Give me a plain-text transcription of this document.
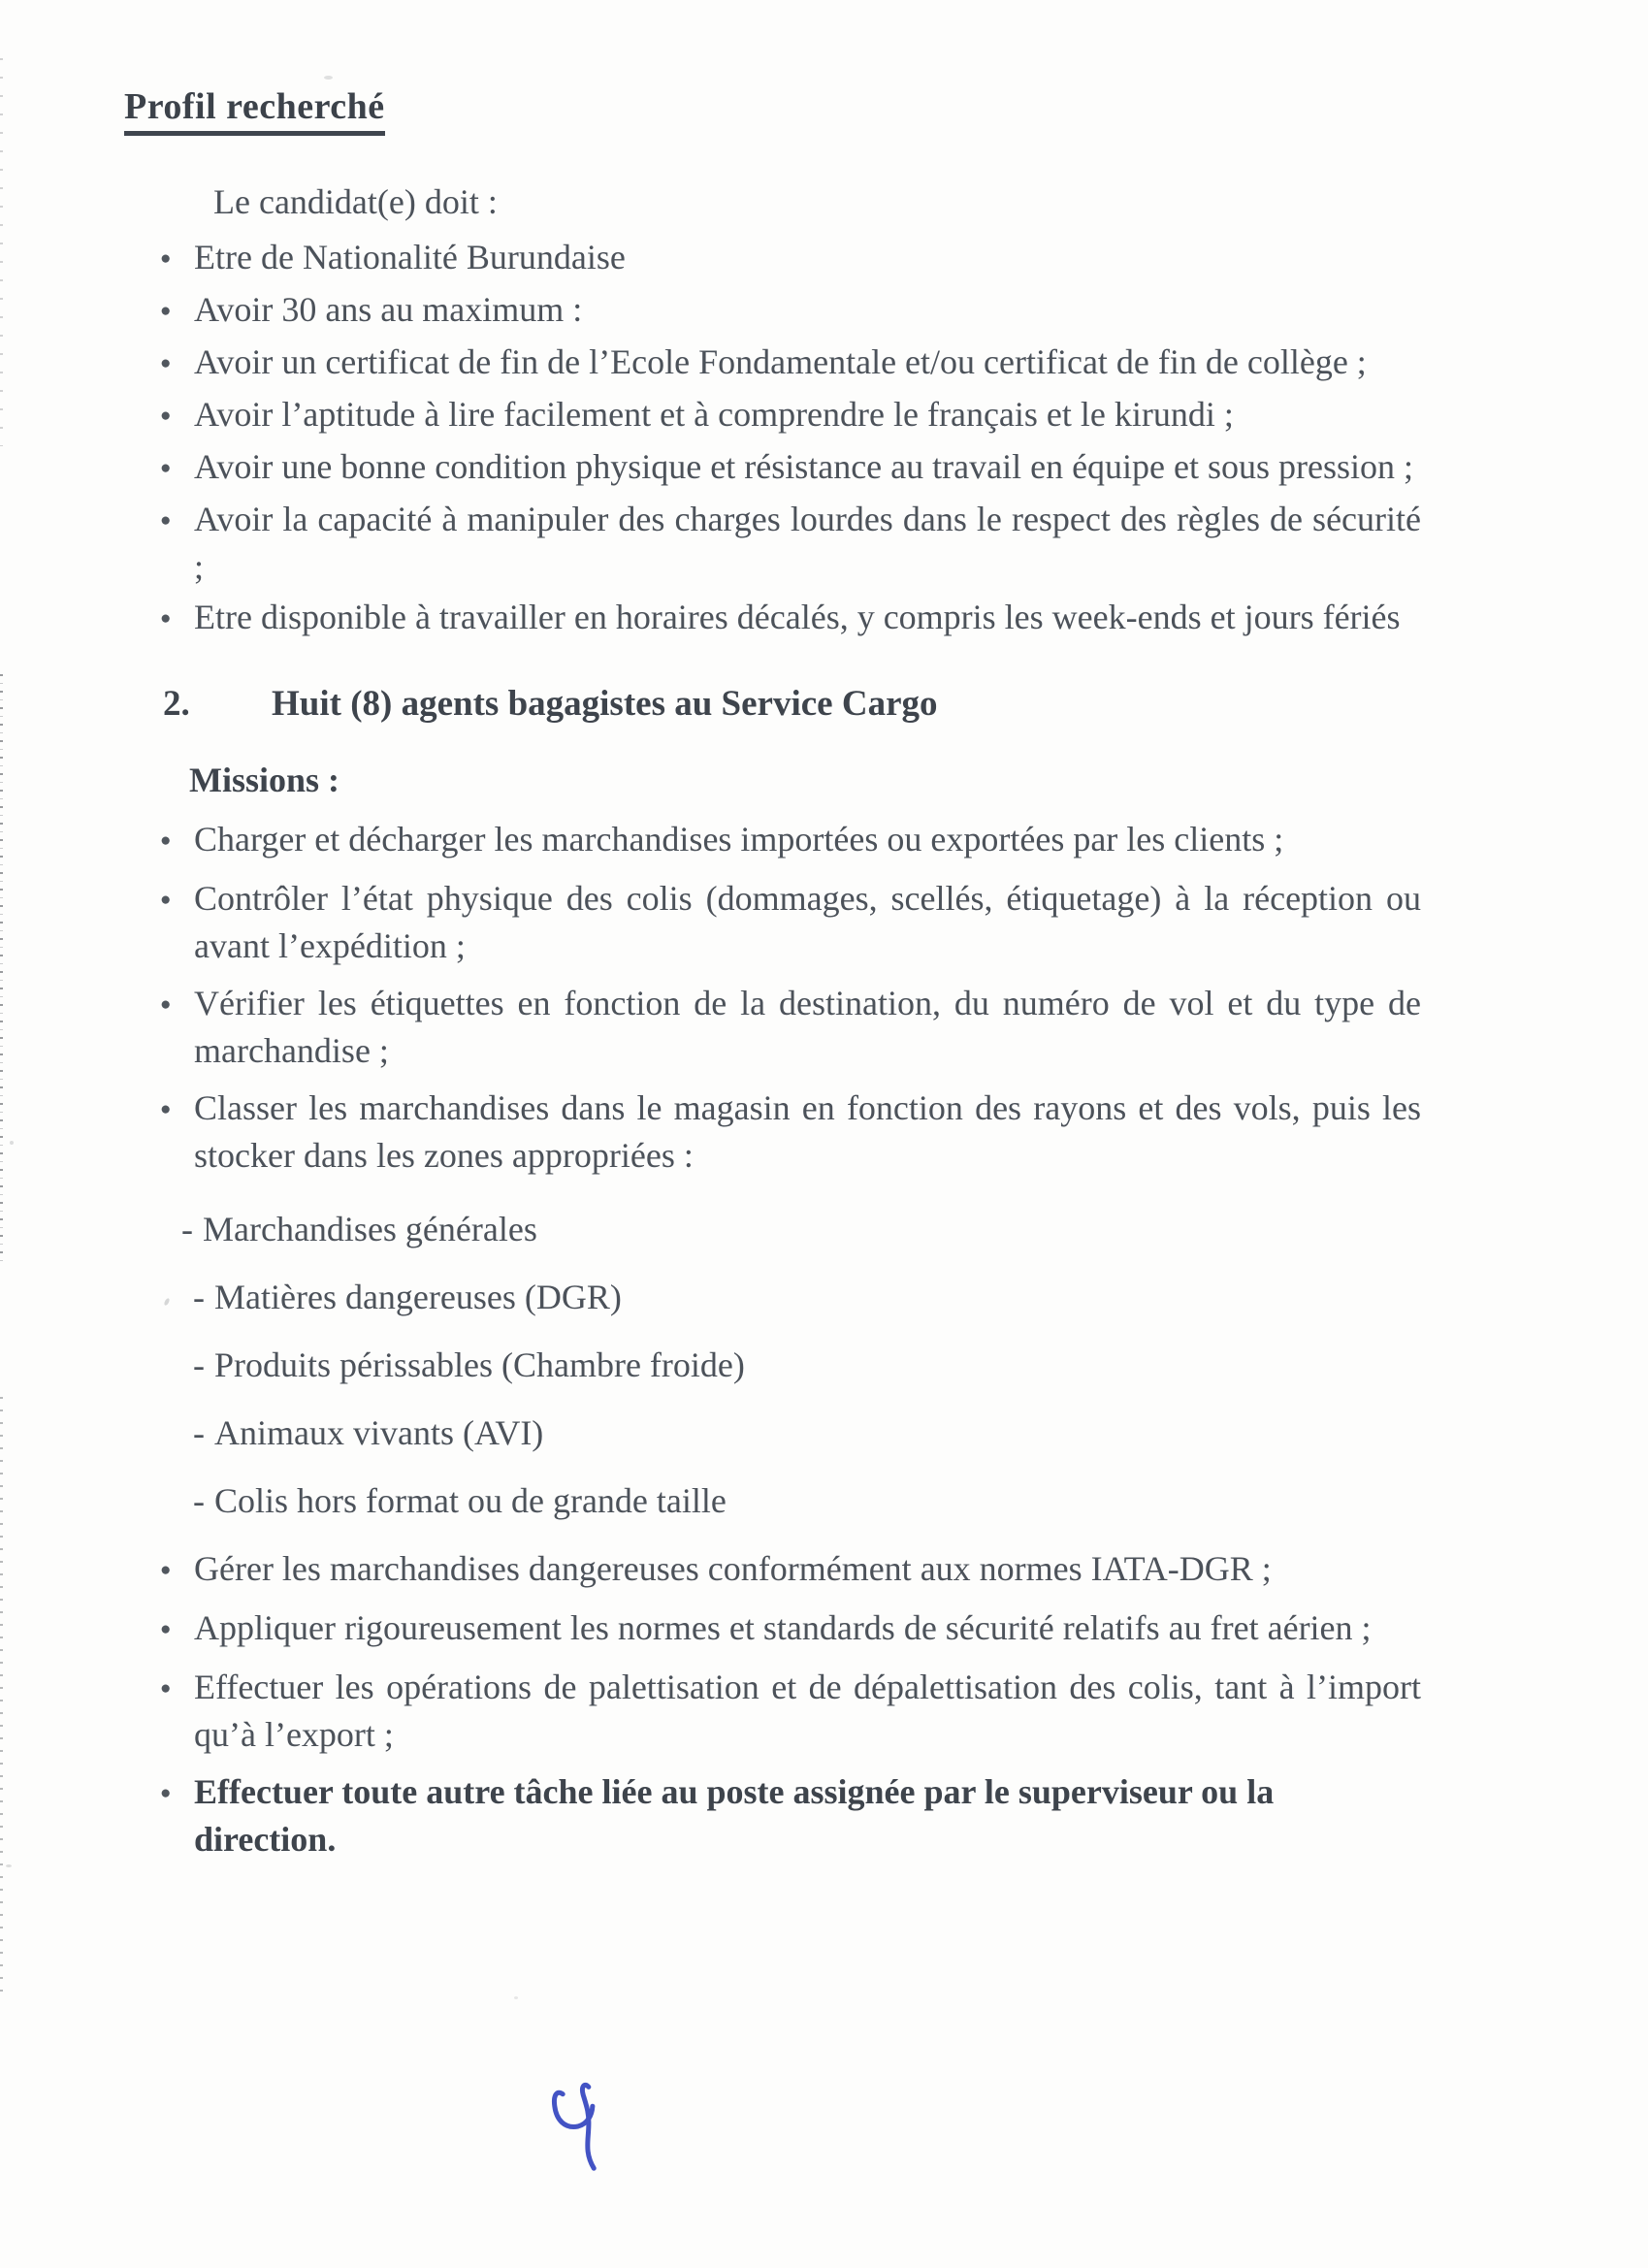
Profil recherché
Le candidat(e) doit :
● Etre de Nationalité Burundaise
● Avoir 30 ans au maximum :
● Avoir un certificat de fin de l’Ecole Fondamentale et/ou certificat de fin de collège ;
● Avoir l’aptitude à lire facilement et à comprendre le français et le kirundi ;
● Avoir une bonne condition physique et résistance au travail en équipe et sous pression ;
● Avoir la capacité à manipuler des charges lourdes dans le respect des règles de sécurité ;
● Etre disponible à travailler en horaires décalés, y compris les week-ends et jours fériés
2.	Huit (8) agents bagagistes au Service Cargo
Missions :
● Charger et décharger les marchandises importées ou exportées par les clients ;
● Contrôler l’état physique des colis (dommages, scellés, étiquetage) à la réception ou avant l’expédition ;
● Vérifier les étiquettes en fonction de la destination, du numéro de vol et du type de marchandise ;
● Classer les marchandises dans le magasin en fonction des rayons et des vols, puis les stocker dans les zones appropriées :
- Marchandises générales
- Matières dangereuses (DGR)
- Produits périssables (Chambre froide)
- Animaux vivants (AVI)
- Colis hors format ou de grande taille
● Gérer les marchandises dangereuses conformément aux normes IATA-DGR ;
● Appliquer rigoureusement les normes et standards de sécurité relatifs au fret aérien ;
● Effectuer les opérations de palettisation et de dépalettisation des colis, tant à l’import qu’à l’export ;
● Effectuer toute autre tâche liée au poste assignée par le superviseur ou la direction.
